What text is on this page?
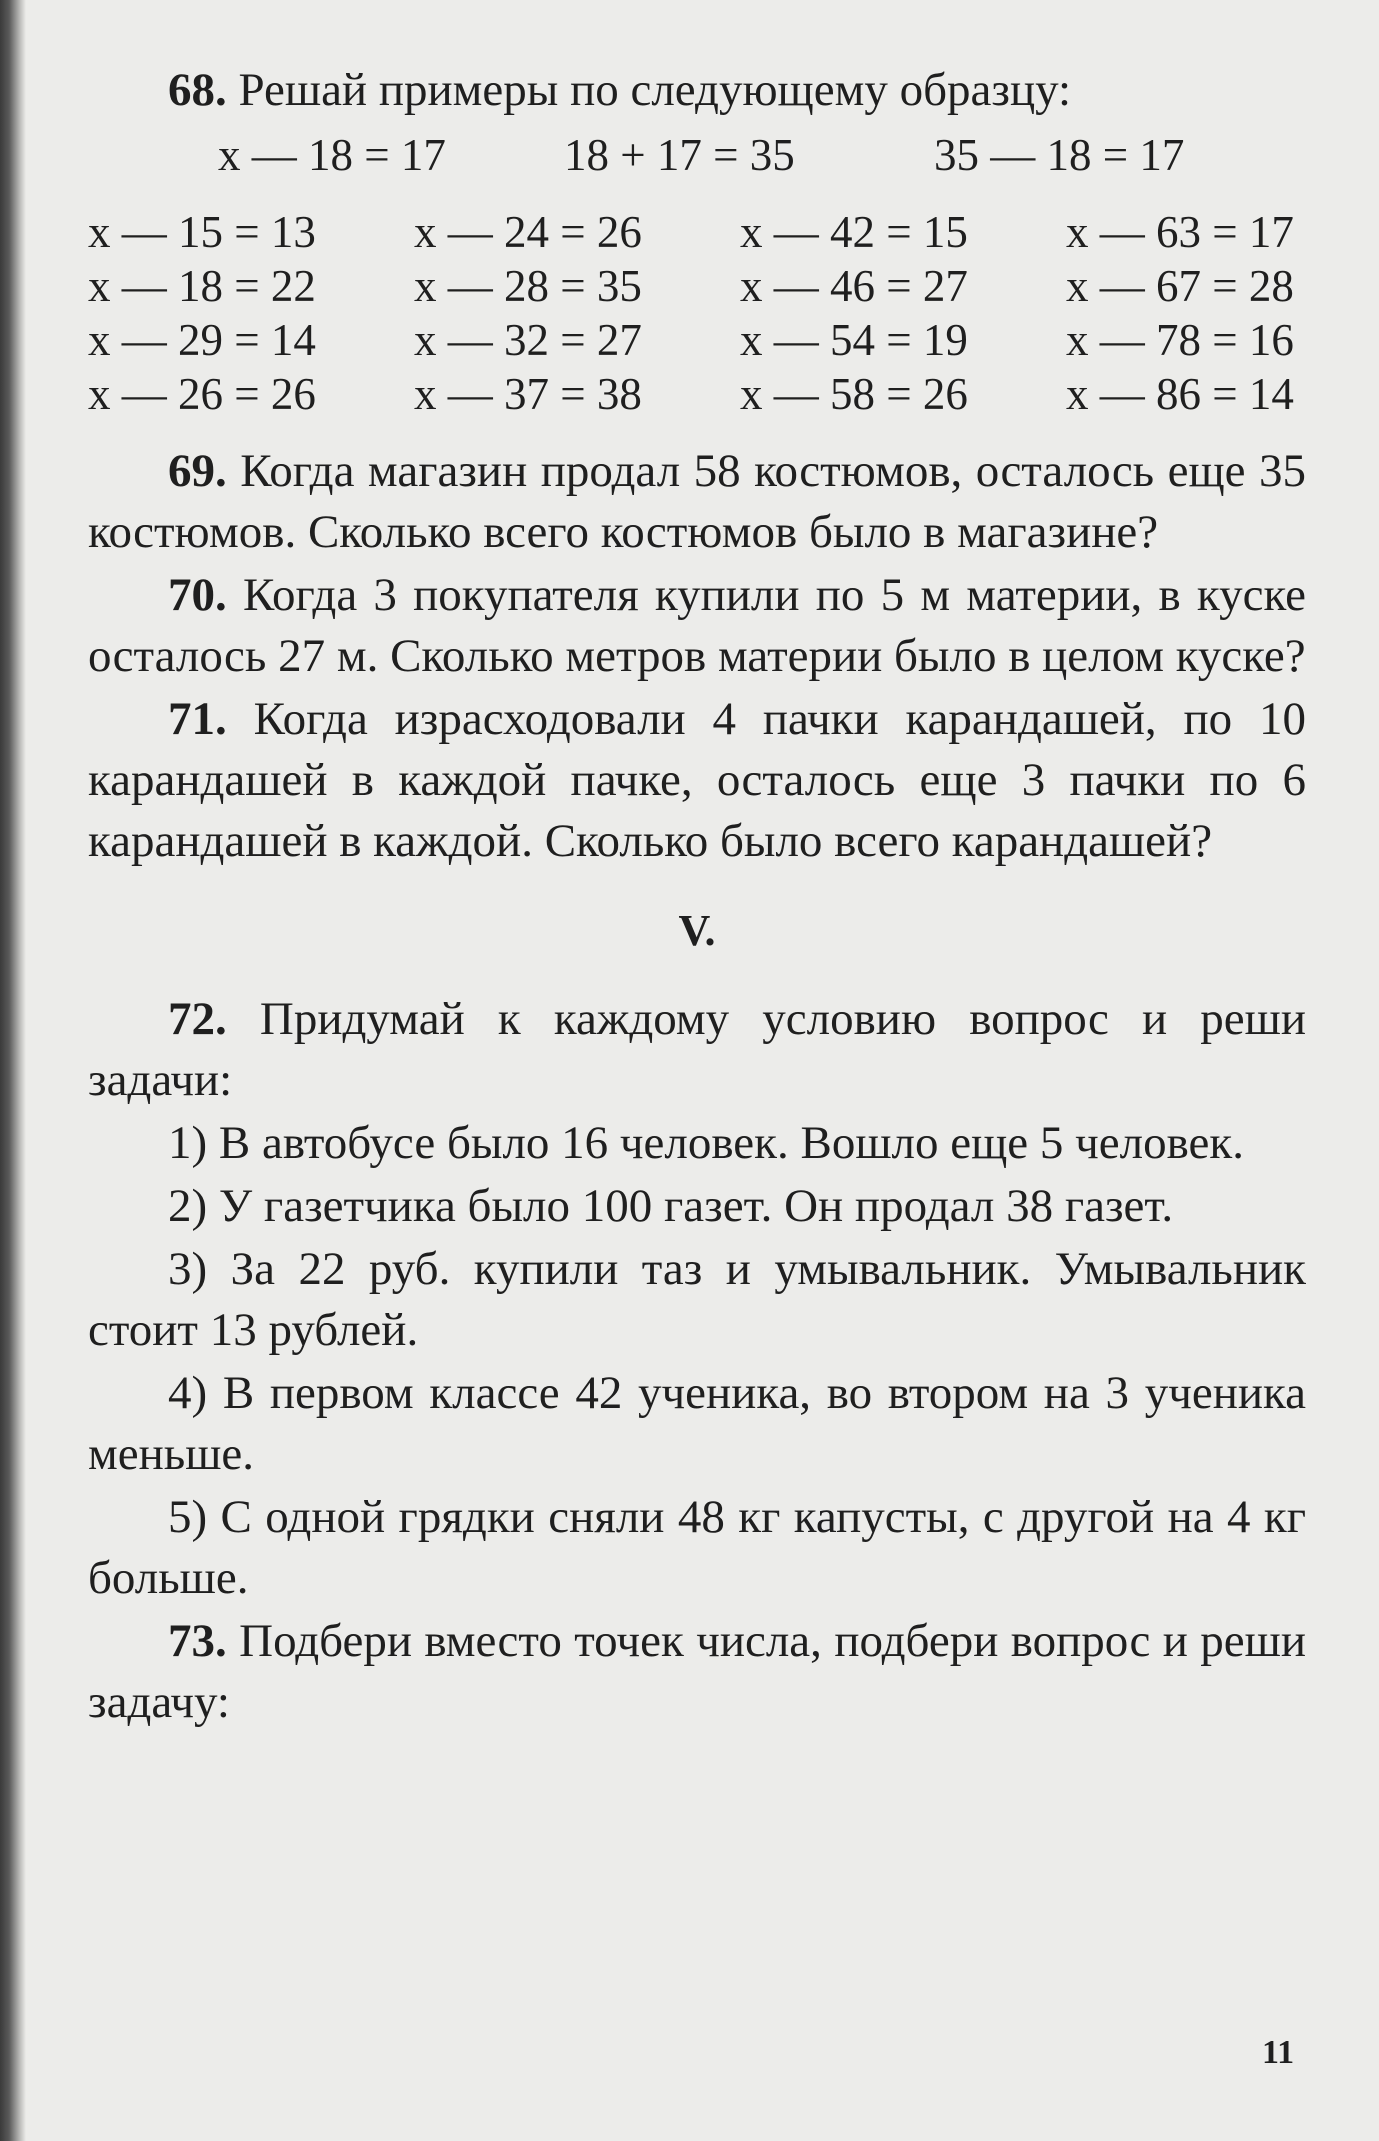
68. Решай примеры по следующему образцу:
x — 18 = 17	18 + 17 = 35	35 — 18 = 17
x — 15 = 13	x — 24 = 26	x — 42 = 15	x — 63 = 17
x — 18 = 22	x — 28 = 35	x — 46 = 27	x — 67 = 28
x — 29 = 14	x — 32 = 27	x — 54 = 19	x — 78 = 16
x — 26 = 26	x — 37 = 38	x — 58 = 26	x — 86 = 14
69. Когда магазин продал 58 костюмов, осталось еще 35 костюмов. Сколько всего костюмов было в магазине?
70. Когда 3 покупателя купили по 5 м материи, в куске осталось 27 м. Сколько метров материи было в целом куске?
71. Когда израсходовали 4 пачки карандашей, по 10 карандашей в каждой пачке, осталось еще 3 пачки по 6 карандашей в каждой. Сколько было всего карандашей?
V.
72. Придумай к каждому условию вопрос и реши задачи:
1) В автобусе было 16 человек. Вошло еще 5 человек.
2) У газетчика было 100 газет. Он продал 38 газет.
3) За 22 руб. купили таз и умывальник. Умывальник стоит 13 рублей.
4) В первом классе 42 ученика, во втором на 3 ученика меньше.
5) С одной грядки сняли 48 кг капусты, с другой на 4 кг больше.
73. Подбери вместо точек числа, подбери вопрос и реши задачу:
11
